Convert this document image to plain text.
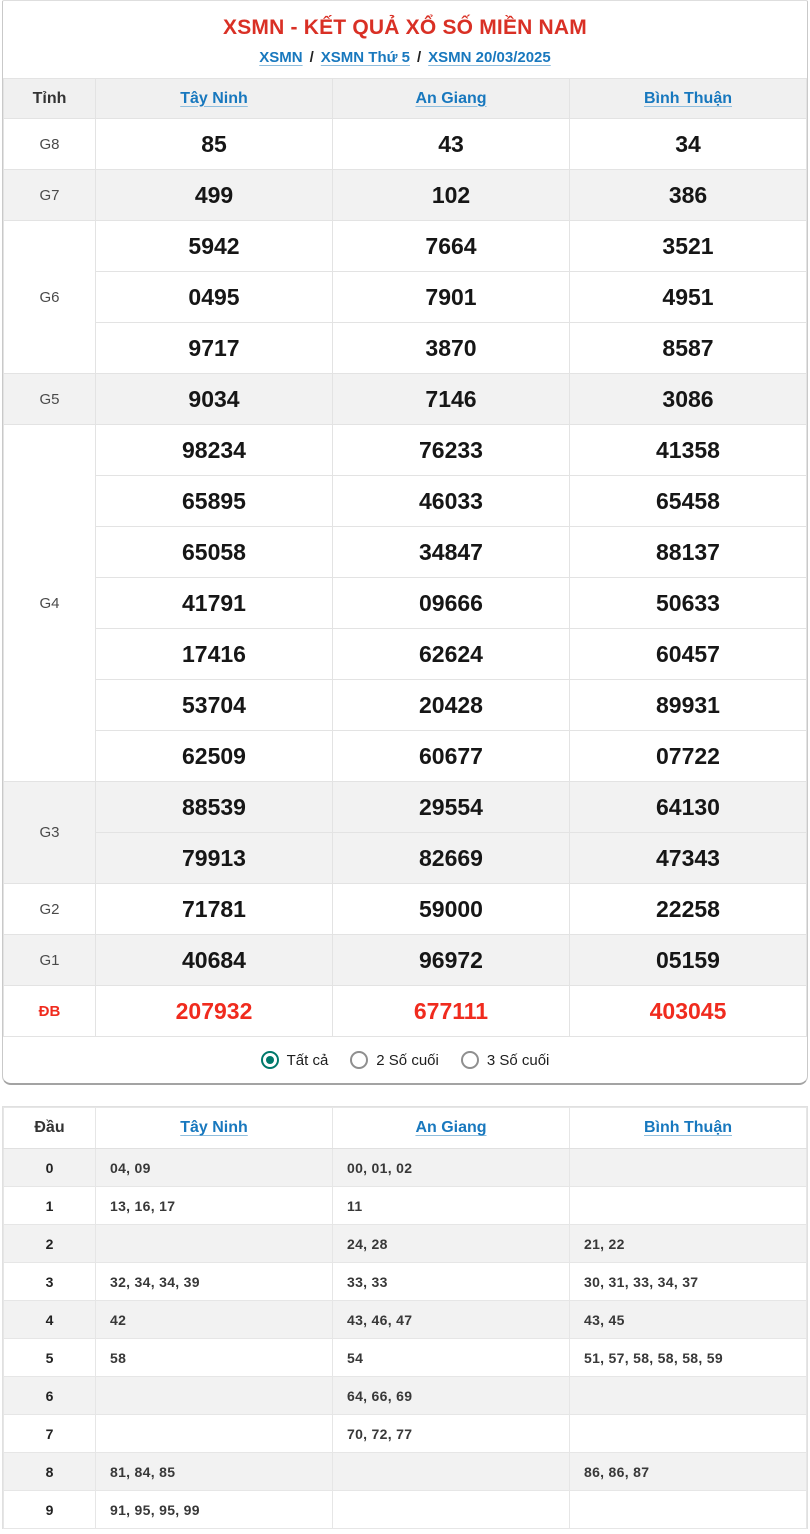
XSMN - KẾT QUẢ XỔ SỐ MIỀN NAM
XSMN / XSMN Thứ 5 / XSMN 20/03/2025
Tỉnh	Tây Ninh	An Giang	Bình Thuận
G8	85	43	34
G7	499	102	386
G6	5942	7664	3521
	0495	7901	4951
	9717	3870	8587
G5	9034	7146	3086
G4	98234	76233	41358
	65895	46033	65458
	65058	34847	88137
	41791	09666	50633
	17416	62624	60457
	53704	20428	89931
	62509	60677	07722
G3	88539	29554	64130
	79913	82669	47343
G2	71781	59000	22258
G1	40684	96972	05159
ĐB	207932	677111	403045
Tất cả	2 Số cuối	3 Số cuối
Đầu	Tây Ninh	An Giang	Bình Thuận
0	04, 09	00, 01, 02	
1	13, 16, 17	11	
2		24, 28	21, 22
3	32, 34, 34, 39	33, 33	30, 31, 33, 34, 37
4	42	43, 46, 47	43, 45
5	58	54	51, 57, 58, 58, 58, 59
6		64, 66, 69	
7		70, 72, 77	
8	81, 84, 85		86, 86, 87
9	91, 95, 95, 99		
